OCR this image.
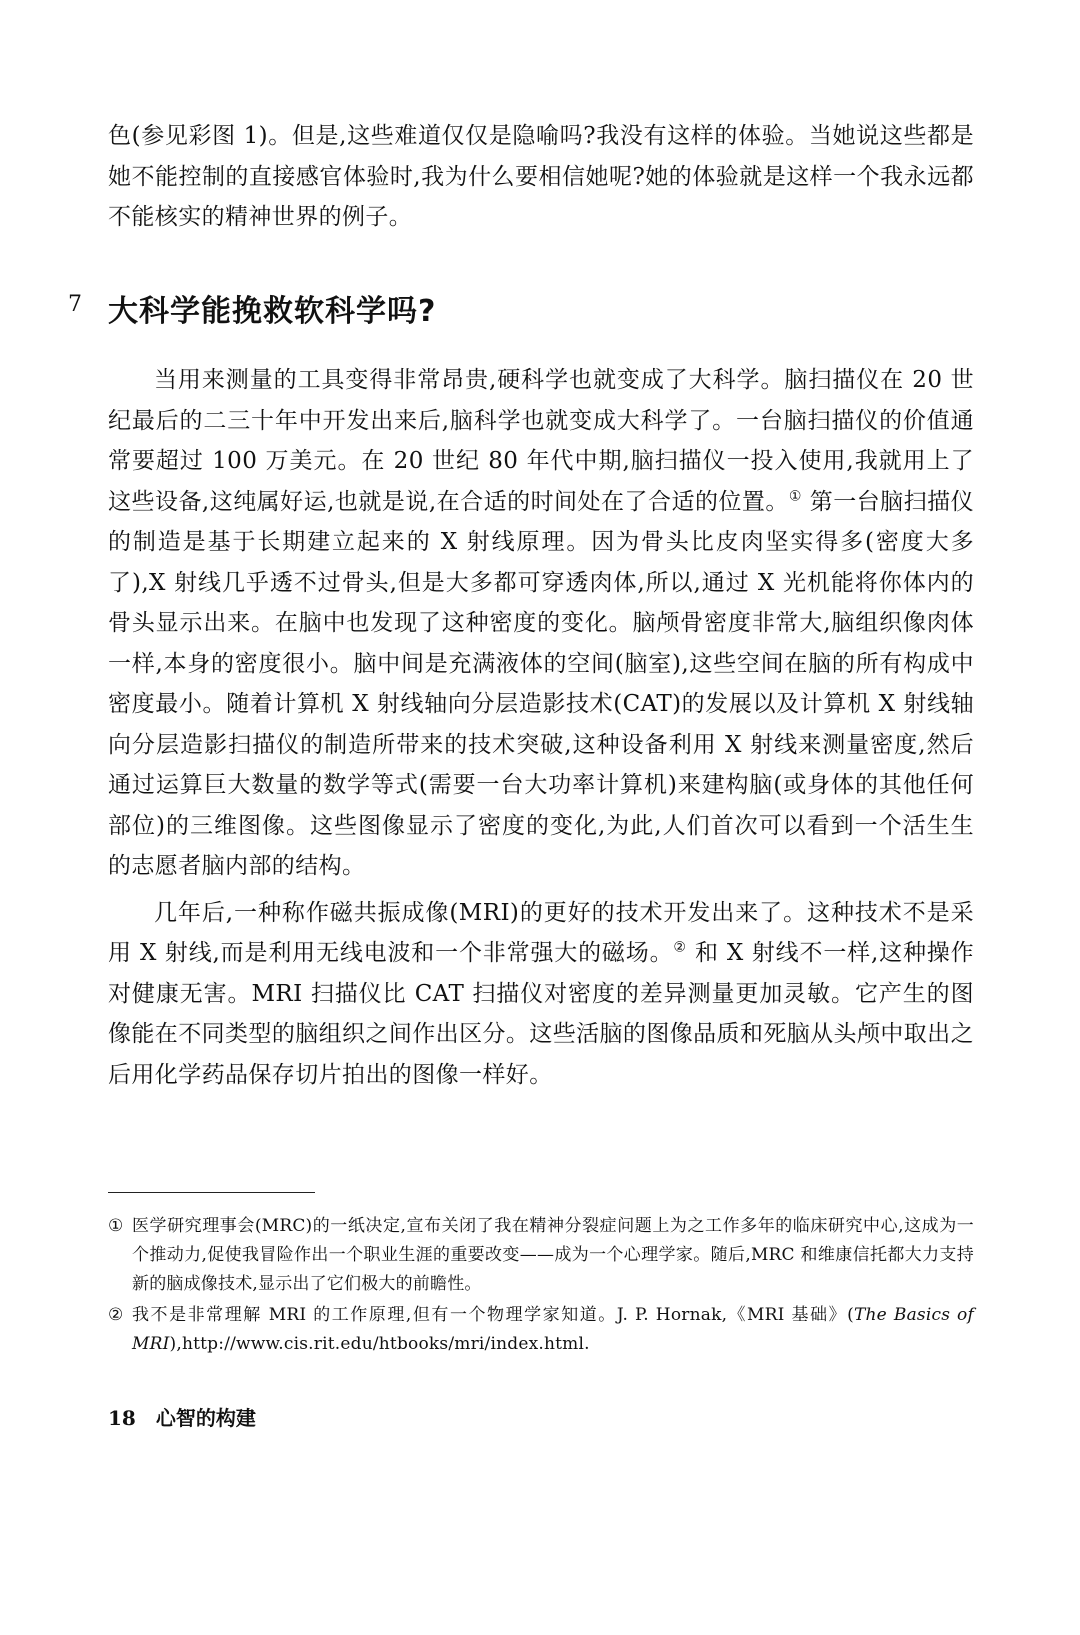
色(参见彩图 1)。但是,这些难道仅仅是隐喻吗?我没有这样的体验。当她说这些都是她不能控制的直接感官体验时,我为什么要相信她呢?她的体验就是这样一个我永远都不能核实的精神世界的例子。

7 大科学能挽救软科学吗?

当用来测量的工具变得非常昂贵,硬科学也就变成了大科学。脑扫描仪在 20 世纪最后的二三十年中开发出来后,脑科学也就变成大科学了。一台脑扫描仪的价值通常要超过 100 万美元。在 20 世纪 80 年代中期,脑扫描仪一投入使用,我就用上了这些设备,这纯属好运,也就是说,在合适的时间处在了合适的位置。① 第一台脑扫描仪的制造是基于长期建立起来的 X 射线原理。因为骨头比皮肉坚实得多(密度大多了),X 射线几乎透不过骨头,但是大多都可穿透肉体,所以,通过 X 光机能将你体内的骨头显示出来。在脑中也发现了这种密度的变化。脑颅骨密度非常大,脑组织像肉体一样,本身的密度很小。脑中间是充满液体的空间(脑室),这些空间在脑的所有构成中密度最小。随着计算机 X 射线轴向分层造影技术(CAT)的发展以及计算机 X 射线轴向分层造影扫描仪的制造所带来的技术突破,这种设备利用 X 射线来测量密度,然后通过运算巨大数量的数学等式(需要一台大功率计算机)来建构脑(或身体的其他任何部位)的三维图像。这些图像显示了密度的变化,为此,人们首次可以看到一个活生生的志愿者脑内部的结构。

几年后,一种称作磁共振成像(MRI)的更好的技术开发出来了。这种技术不是采用 X 射线,而是利用无线电波和一个非常强大的磁场。② 和 X 射线不一样,这种操作对健康无害。MRI 扫描仪比 CAT 扫描仪对密度的差异测量更加灵敏。它产生的图像能在不同类型的脑组织之间作出区分。这些活脑的图像品质和死脑从头颅中取出之后用化学药品保存切片拍出的图像一样好。

① 医学研究理事会(MRC)的一纸决定,宣布关闭了我在精神分裂症问题上为之工作多年的临床研究中心,这成为一个推动力,促使我冒险作出一个职业生涯的重要改变——成为一个心理学家。随后,MRC 和维康信托都大力支持新的脑成像技术,显示出了它们极大的前瞻性。

② 我不是非常理解 MRI 的工作原理,但有一个物理学家知道。J. P. Hornak,《MRI 基础》(The Basics of MRI),http://www.cis.rit.edu/htbooks/mri/index.html.

18 心智的构建
